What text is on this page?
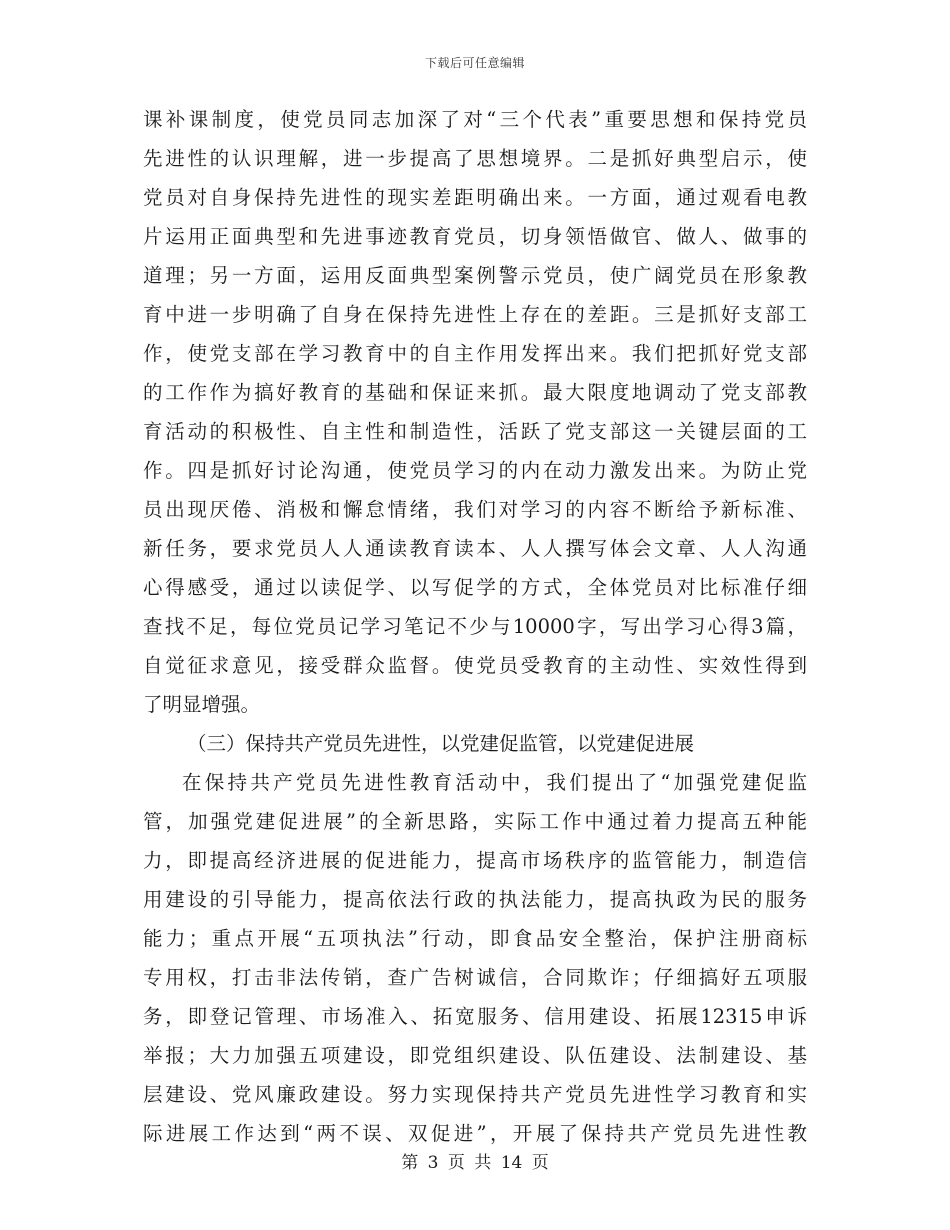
下载后可任意编辑
课补课制度，使党员同志加深了对“三个代表”重要思想和保持党员
先进性的认识理解，进一步提高了思想境界。二是抓好典型启示，使
党员对自身保持先进性的现实差距明确出来。一方面，通过观看电教
片运用正面典型和先进事迹教育党员，切身领悟做官、做人、做事的
道理；另一方面，运用反面典型案例警示党员，使广阔党员在形象教
育中进一步明确了自身在保持先进性上存在的差距。三是抓好支部工
作，使党支部在学习教育中的自主作用发挥出来。我们把抓好党支部
的工作作为搞好教育的基础和保证来抓。最大限度地调动了党支部教
育活动的积极性、自主性和制造性，活跃了党支部这一关键层面的工
作。四是抓好讨论沟通，使党员学习的内在动力激发出来。为防止党
员出现厌倦、消极和懈怠情绪，我们对学习的内容不断给予新标准、
新任务，要求党员人人通读教育读本、人人撰写体会文章、人人沟通
心得感受，通过以读促学、以写促学的方式，全体党员对比标准仔细
查找不足，每位党员记学习笔记不少与10000字，写出学习心得3篇，
自觉征求意见，接受群众监督。使党员受教育的主动性、实效性得到
了明显增强。
（三）保持共产党员先进性，以党建促监管，以党建促进展
在保持共产党员先进性教育活动中，我们提出了“加强党建促监
管，加强党建促进展”的全新思路，实际工作中通过着力提高五种能
力，即提高经济进展的促进能力，提高市场秩序的监管能力，制造信
用建设的引导能力，提高依法行政的执法能力，提高执政为民的服务
能力；重点开展“五项执法”行动，即食品安全整治，保护注册商标
专用权，打击非法传销，查广告树诚信，合同欺诈；仔细搞好五项服
务，即登记管理、市场准入、拓宽服务、信用建设、拓展12315申诉
举报；大力加强五项建设，即党组织建设、队伍建设、法制建设、基
层建设、党风廉政建设。努力实现保持共产党员先进性学习教育和实
际进展工作达到“两不误、双促进”，开展了保持共产党员先进性教
第 3 页 共 14 页
